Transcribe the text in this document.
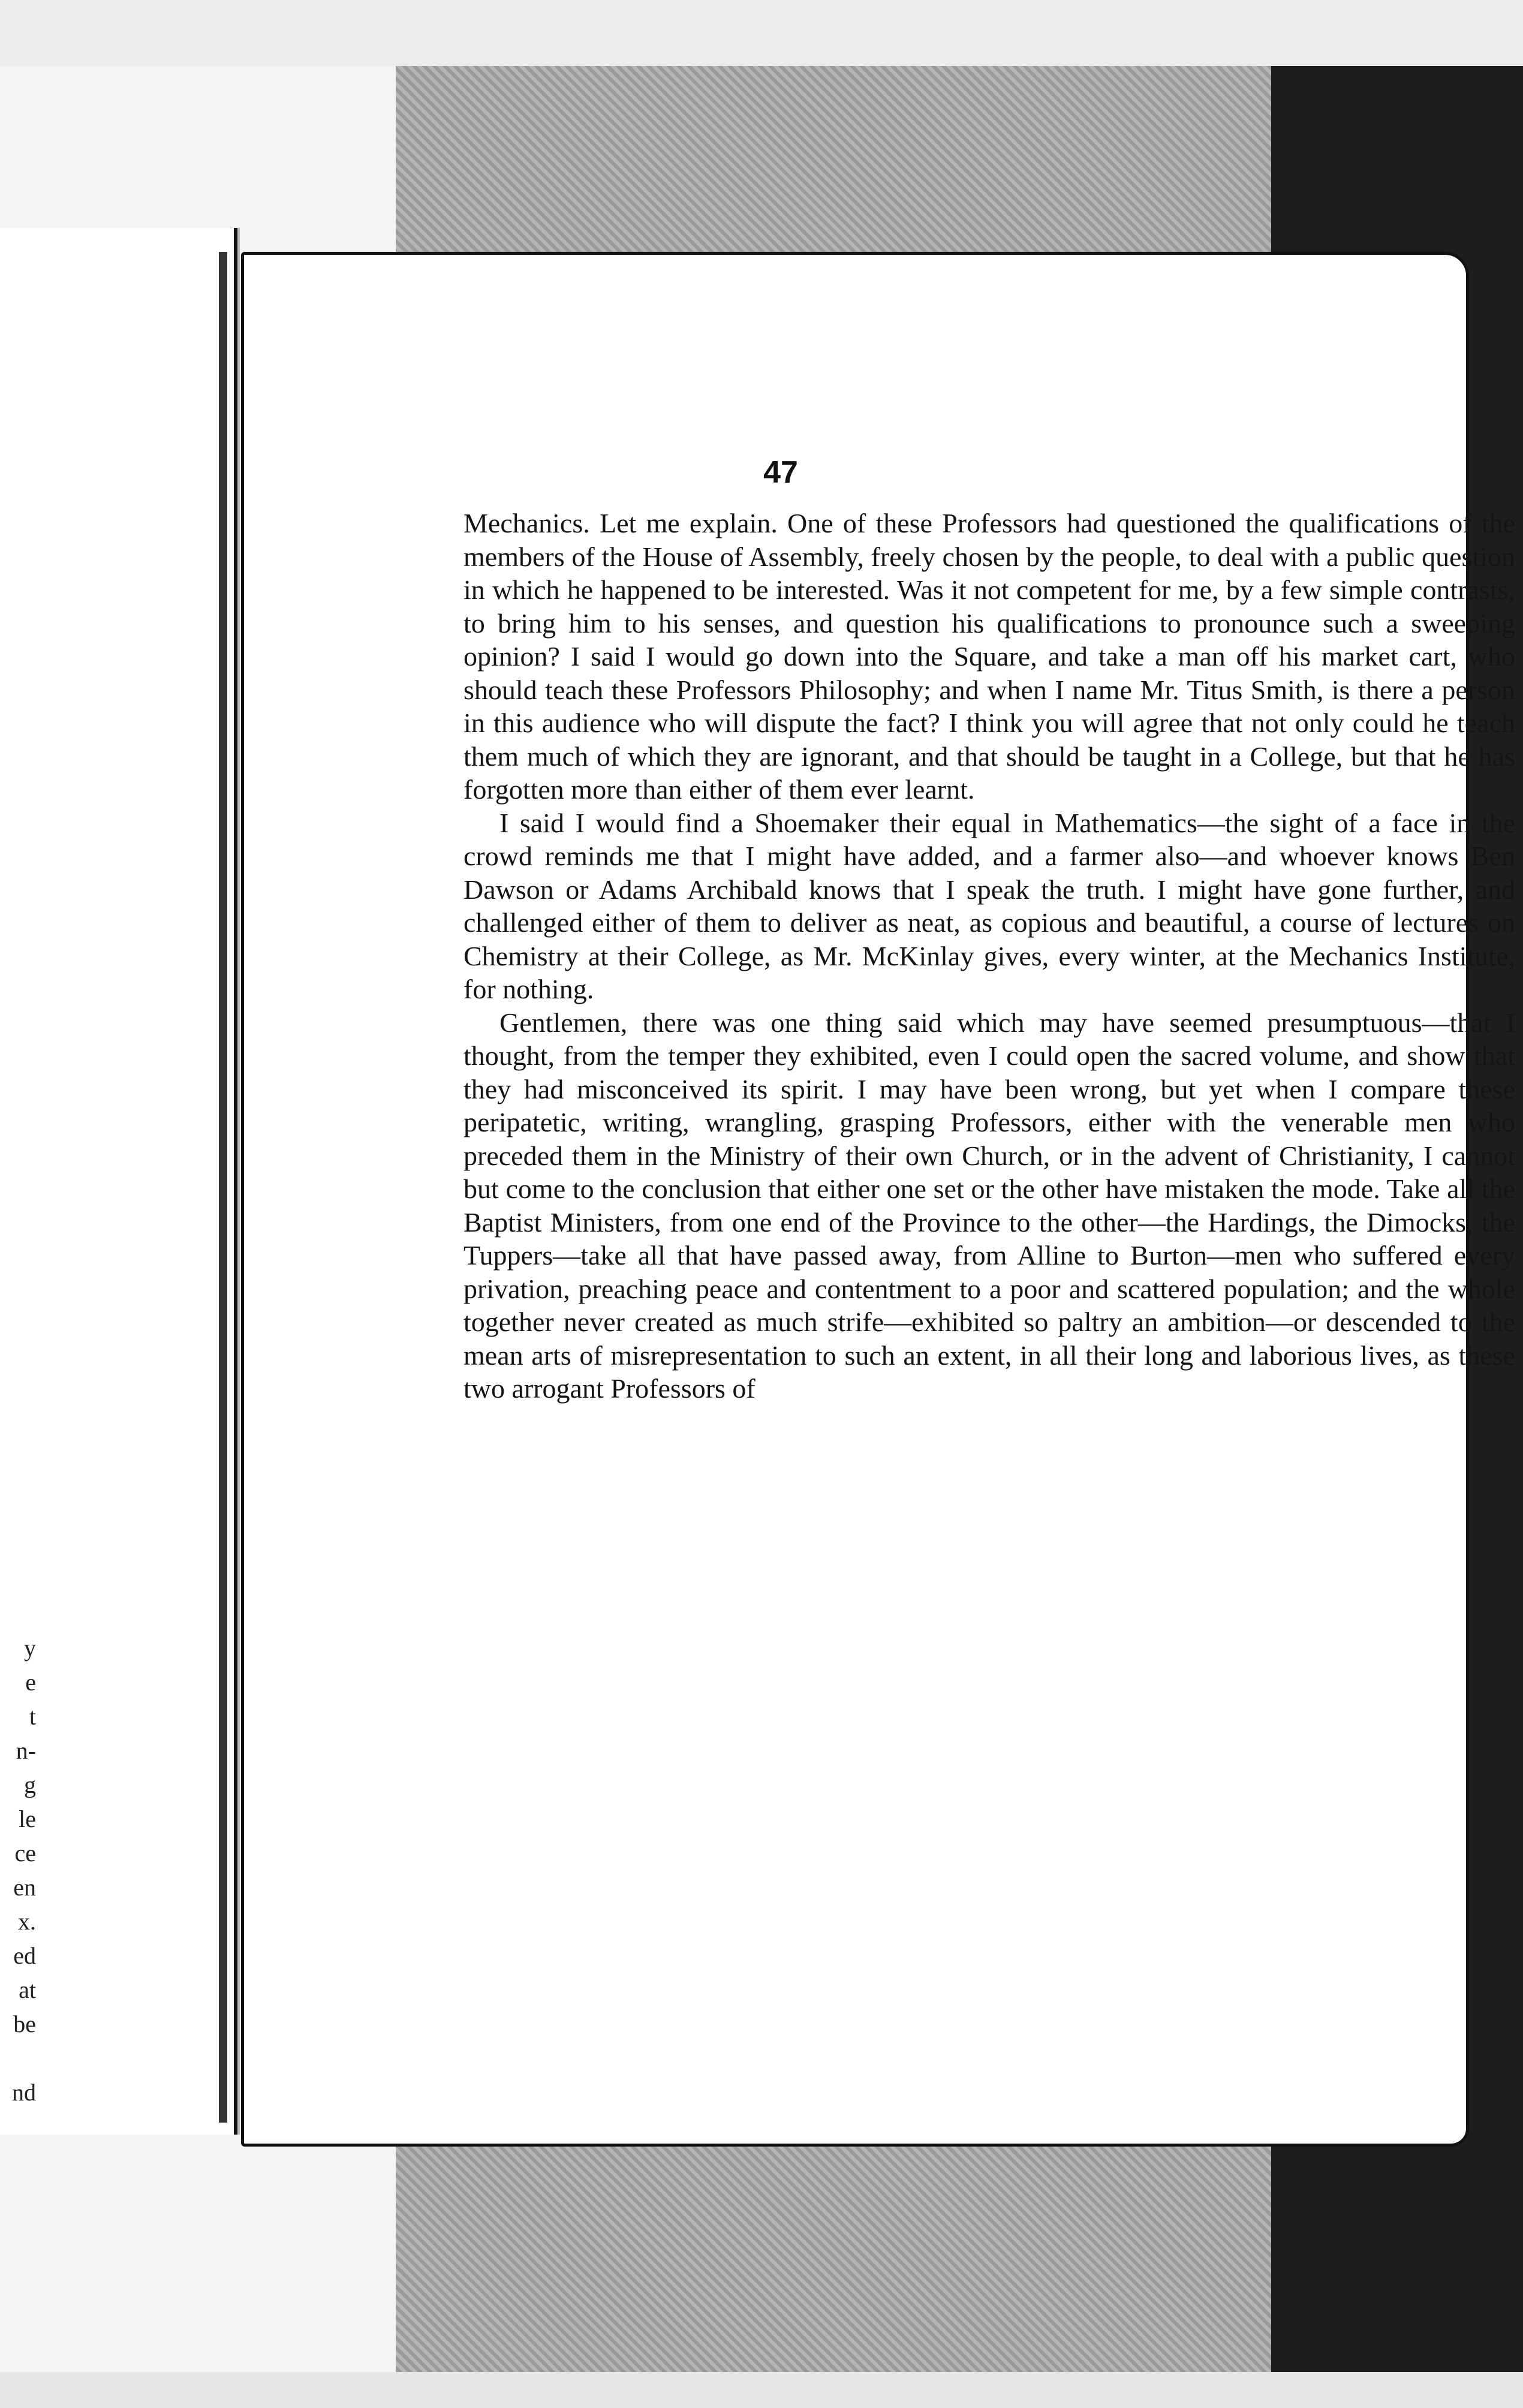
y
e
t
n-
g
le
ce
en
x.
ed
at
be
nd
47

Mechanics. Let me explain. One of these Professors had questioned the qualifications of the members of the House of Assembly, freely chosen by the people, to deal with a public question in which he happened to be interested. Was it not competent for me, by a few simple contrasts, to bring him to his senses, and question his qualifications to pronounce such a sweeping opinion? I said I would go down into the Square, and take a man off his market cart, who should teach these Professors Philosophy; and when I name Mr. Titus Smith, is there a person in this audience who will dispute the fact? I think you will agree that not only could he teach them much of which they are ignorant, and that should be taught in a College, but that he has forgotten more than either of them ever learnt.

I said I would find a Shoemaker their equal in Mathematics—the sight of a face in the crowd reminds me that I might have added, and a farmer also—and whoever knows Ben Dawson or Adams Archibald knows that I speak the truth. I might have gone further, and challenged either of them to deliver as neat, as copious and beautiful, a course of lectures on Chemistry at their College, as Mr. McKinlay gives, every winter, at the Mechanics Institute, for nothing.

Gentlemen, there was one thing said which may have seemed presumptuous—that I thought, from the temper they exhibited, even I could open the sacred volume, and show that they had misconceived its spirit. I may have been wrong, but yet when I compare these peripatetic, writing, wrangling, grasping Professors, either with the venerable men who preceded them in the Ministry of their own Church, or in the advent of Christianity, I cannot but come to the conclusion that either one set or the other have mistaken the mode. Take all the Baptist Ministers, from one end of the Province to the other—the Hardings, the Dimocks, the Tuppers—take all that have passed away, from Alline to Burton—men who suffered every privation, preaching peace and contentment to a poor and scattered population; and the whole together never created as much strife—exhibited so paltry an ambition—or descended to the mean arts of misrepresentation to such an extent, in all their long and laborious lives, as these two arrogant Professors of
